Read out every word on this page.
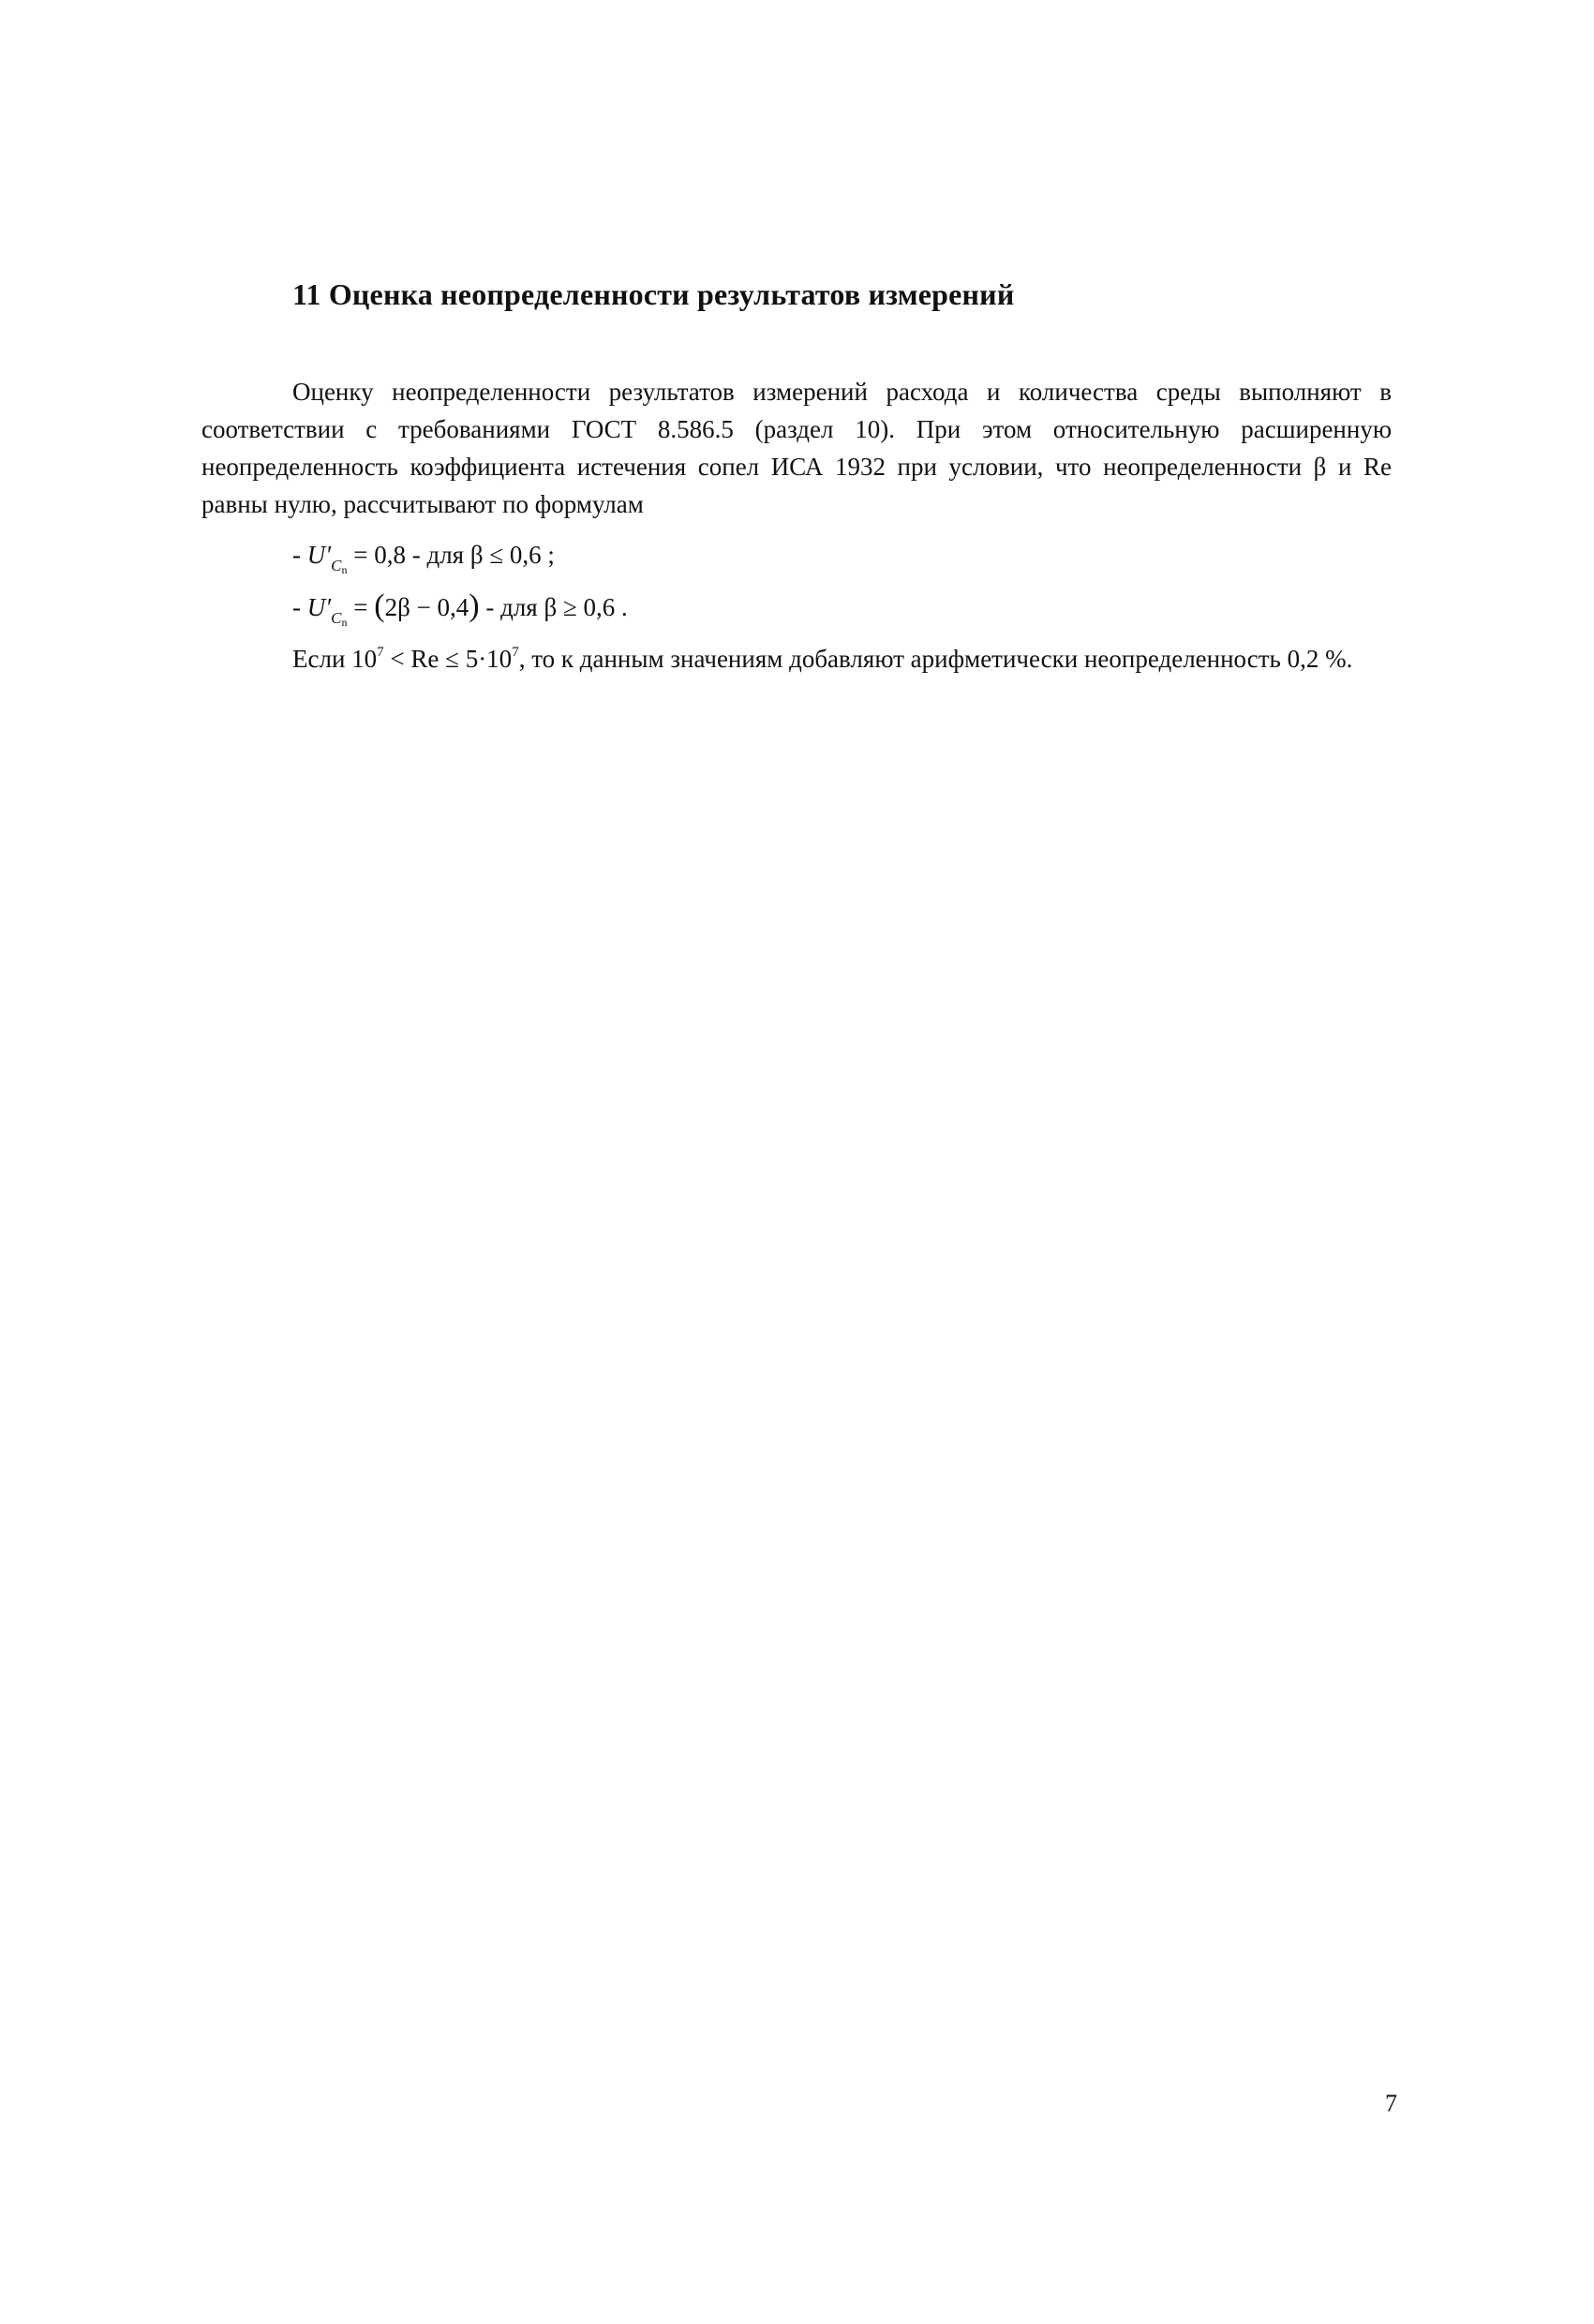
11 Оценка неопределенности результатов измерений
Оценку неопределенности результатов измерений расхода и количества среды выполняют в соответствии с требованиями ГОСТ 8.586.5 (раздел 10). При этом относительную расширенную неопределенность коэффициента истечения сопел ИСА 1932 при условии, что неопределенности β и Re равны нулю, рассчитывают по формулам
- $U'_{Cn} = 0,8$ - для β ≤ 0,6 ;
- $U'_{Cn} = (2\beta - 0,4)$ - для β ≥ 0,6 .
Если $10^7 < Re \le 5\cdot 10^7$, то к данным значениям добавляют арифметически неопределенность 0,2 %.
7
